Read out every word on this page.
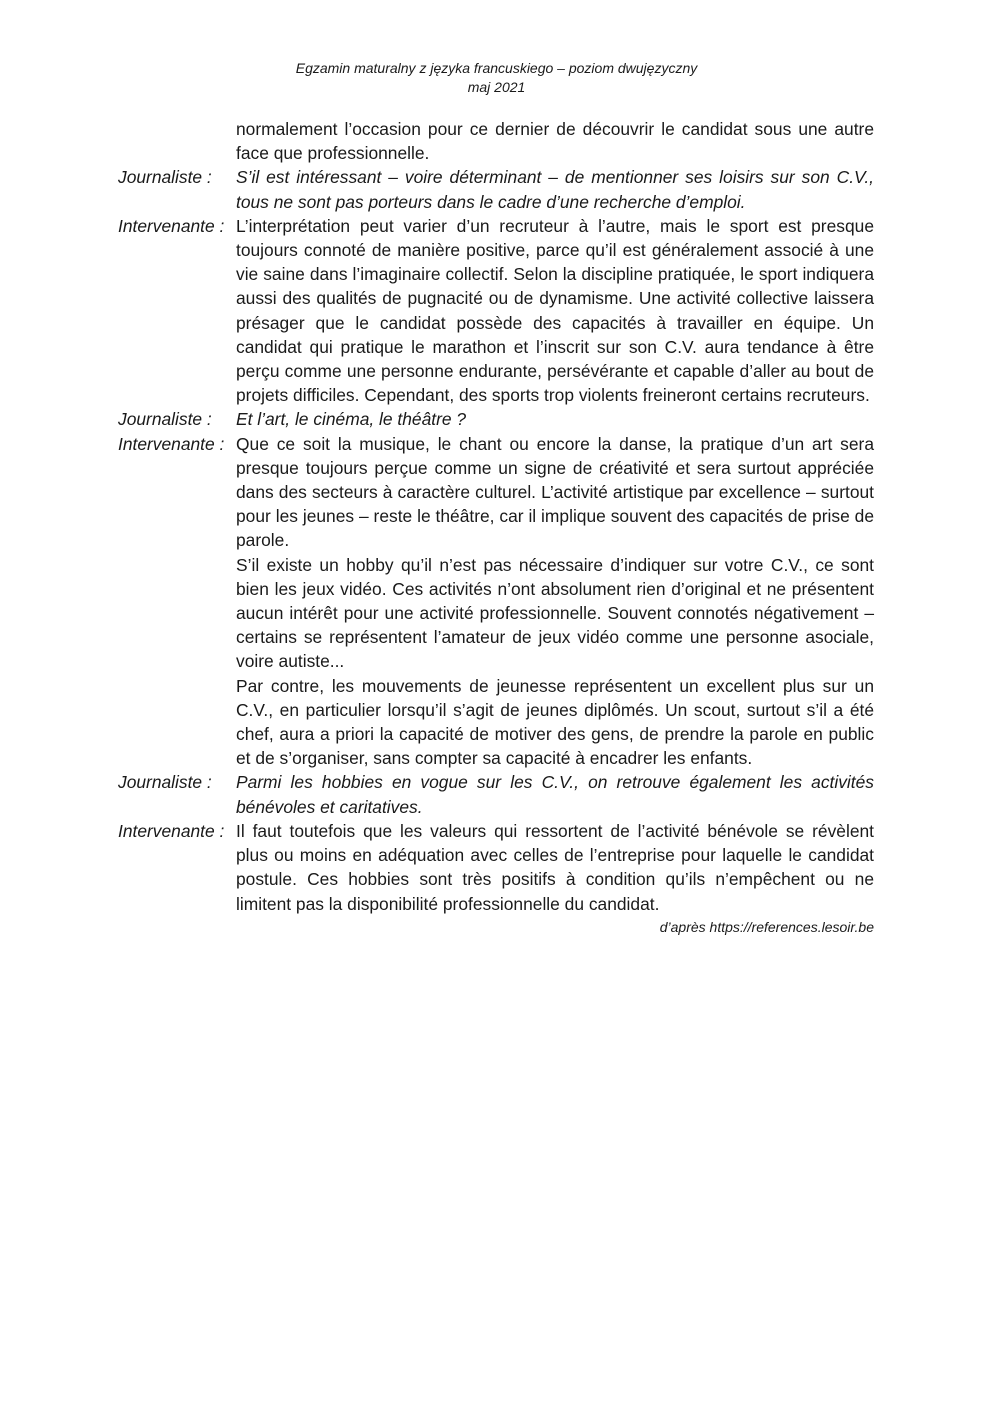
Egzamin maturalny z języka francuskiego – poziom dwujęzyczny
maj 2021

normalement l’occasion pour ce dernier de découvrir le candidat sous une autre face que professionnelle.

Journaliste :	S’il est intéressant – voire déterminant – de mentionner ses loisirs sur son C.V., tous ne sont pas porteurs dans le cadre d’une recherche d’emploi.

Intervenante : L’interprétation peut varier d’un recruteur à l’autre, mais le sport est presque toujours connoté de manière positive, parce qu’il est généralement associé à une vie saine dans l’imaginaire collectif. Selon la discipline pratiquée, le sport indiquera aussi des qualités de pugnacité ou de dynamisme. Une activité collective laissera présager que le candidat possède des capacités à travailler en équipe. Un candidat qui pratique le marathon et l’inscrit sur son C.V. aura tendance à être perçu comme une personne endurante, persévérante et capable d’aller au bout de projets difficiles. Cependant, des sports trop violents freineront certains recruteurs.

Journaliste :	Et l’art, le cinéma, le théâtre ?

Intervenante : Que ce soit la musique, le chant ou encore la danse, la pratique d’un art sera presque toujours perçue comme un signe de créativité et sera surtout appréciée dans des secteurs à caractère culturel. L’activité artistique par excellence – surtout pour les jeunes – reste le théâtre, car il implique souvent des capacités de prise de parole.

S’il existe un hobby qu’il n’est pas nécessaire d’indiquer sur votre C.V., ce sont bien les jeux vidéo. Ces activités n’ont absolument rien d’original et ne présentent aucun intérêt pour une activité professionnelle. Souvent connotés négativement – certains se représentent l’amateur de jeux vidéo comme une personne asociale, voire autiste...

Par contre, les mouvements de jeunesse représentent un excellent plus sur un C.V., en particulier lorsqu’il s’agit de jeunes diplômés. Un scout, surtout s’il a été chef, aura a priori la capacité de motiver des gens, de prendre la parole en public et de s’organiser, sans compter sa capacité à encadrer les enfants.

Journaliste :	Parmi les hobbies en vogue sur les C.V., on retrouve également les activités bénévoles et caritatives.

Intervenante : Il faut toutefois que les valeurs qui ressortent de l’activité bénévole se révèlent plus ou moins en adéquation avec celles de l’entreprise pour laquelle le candidat postule. Ces hobbies sont très positifs à condition qu’ils n’empêchent ou ne limitent pas la disponibilité professionnelle du candidat.

d’après https://references.lesoir.be
